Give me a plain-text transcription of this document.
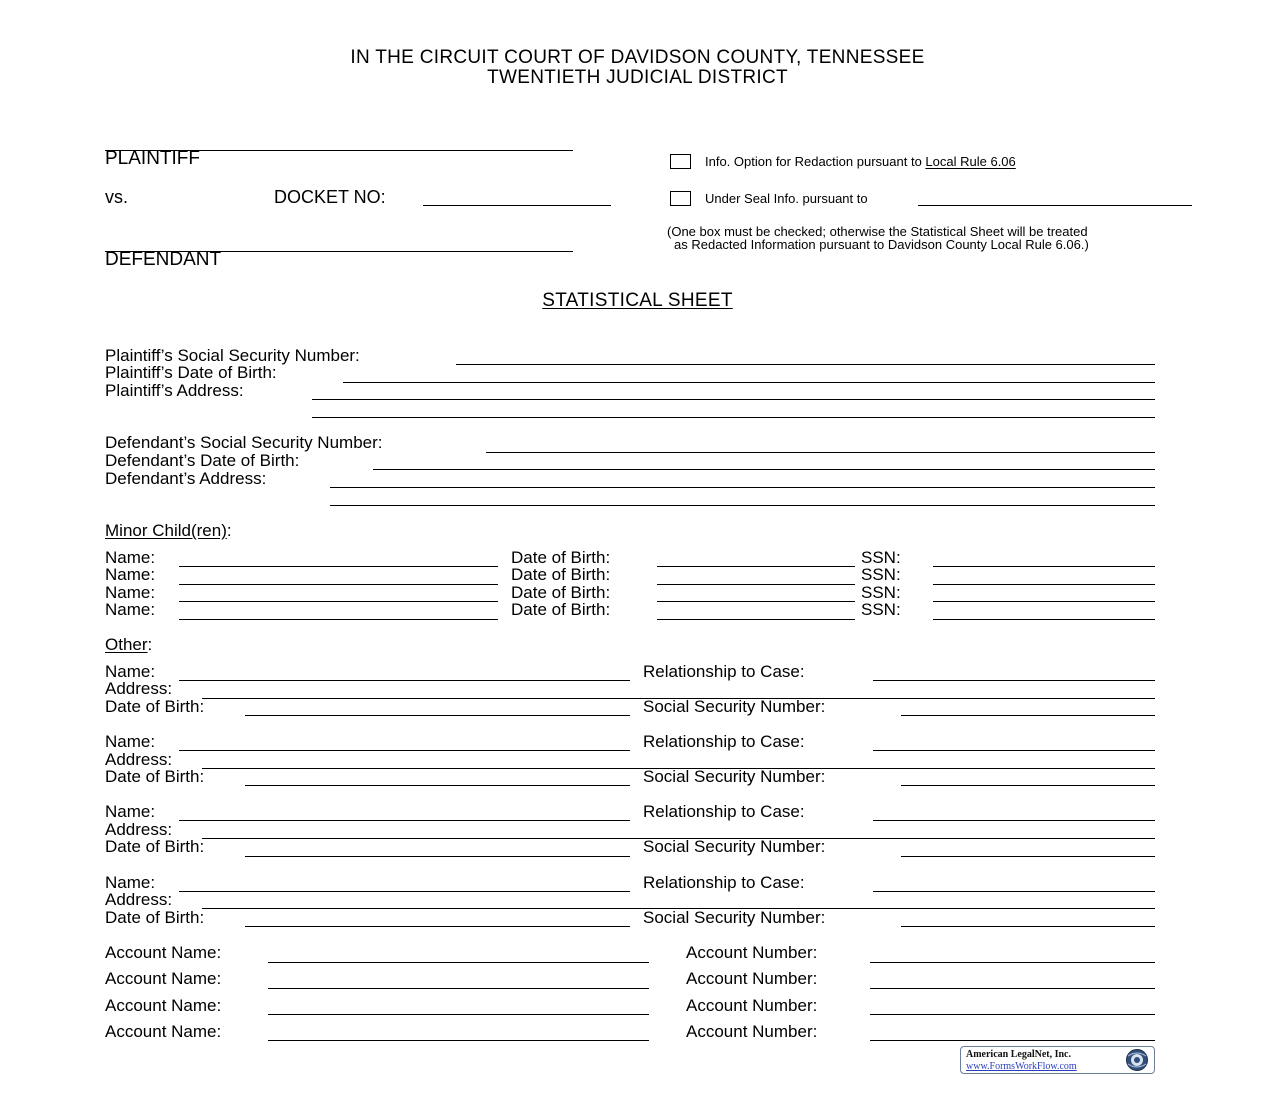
IN THE CIRCUIT COURT OF DAVIDSON COUNTY, TENNESSEE
TWENTIETH JUDICIAL DISTRICT
PLAINTIFF
vs.	DOCKET NO:
DEFENDANT
Info. Option for Redaction pursuant to Local Rule 6.06
Under Seal Info. pursuant to
(One box must be checked; otherwise the Statistical Sheet will be treated
as Redacted Information pursuant to Davidson County Local Rule 6.06.)
STATISTICAL SHEET
Plaintiff’s Social Security Number:
Plaintiff’s Date of Birth:
Plaintiff’s Address:
Defendant’s Social Security Number:
Defendant’s Date of Birth:
Defendant’s Address:
Minor Child(ren):
Name:	Date of Birth:	SSN:
Name:	Date of Birth:	SSN:
Name:	Date of Birth:	SSN:
Name:	Date of Birth:	SSN:
Other:
Name:	Relationship to Case:
Address:
Date of Birth:	Social Security Number:
Name:	Relationship to Case:
Address:
Date of Birth:	Social Security Number:
Name:	Relationship to Case:
Address:
Date of Birth:	Social Security Number:
Name:	Relationship to Case:
Address:
Date of Birth:	Social Security Number:
Account Name:	Account Number:
Account Name:	Account Number:
Account Name:	Account Number:
Account Name:	Account Number:
American LegalNet, Inc.
www.FormsWorkFlow.com
